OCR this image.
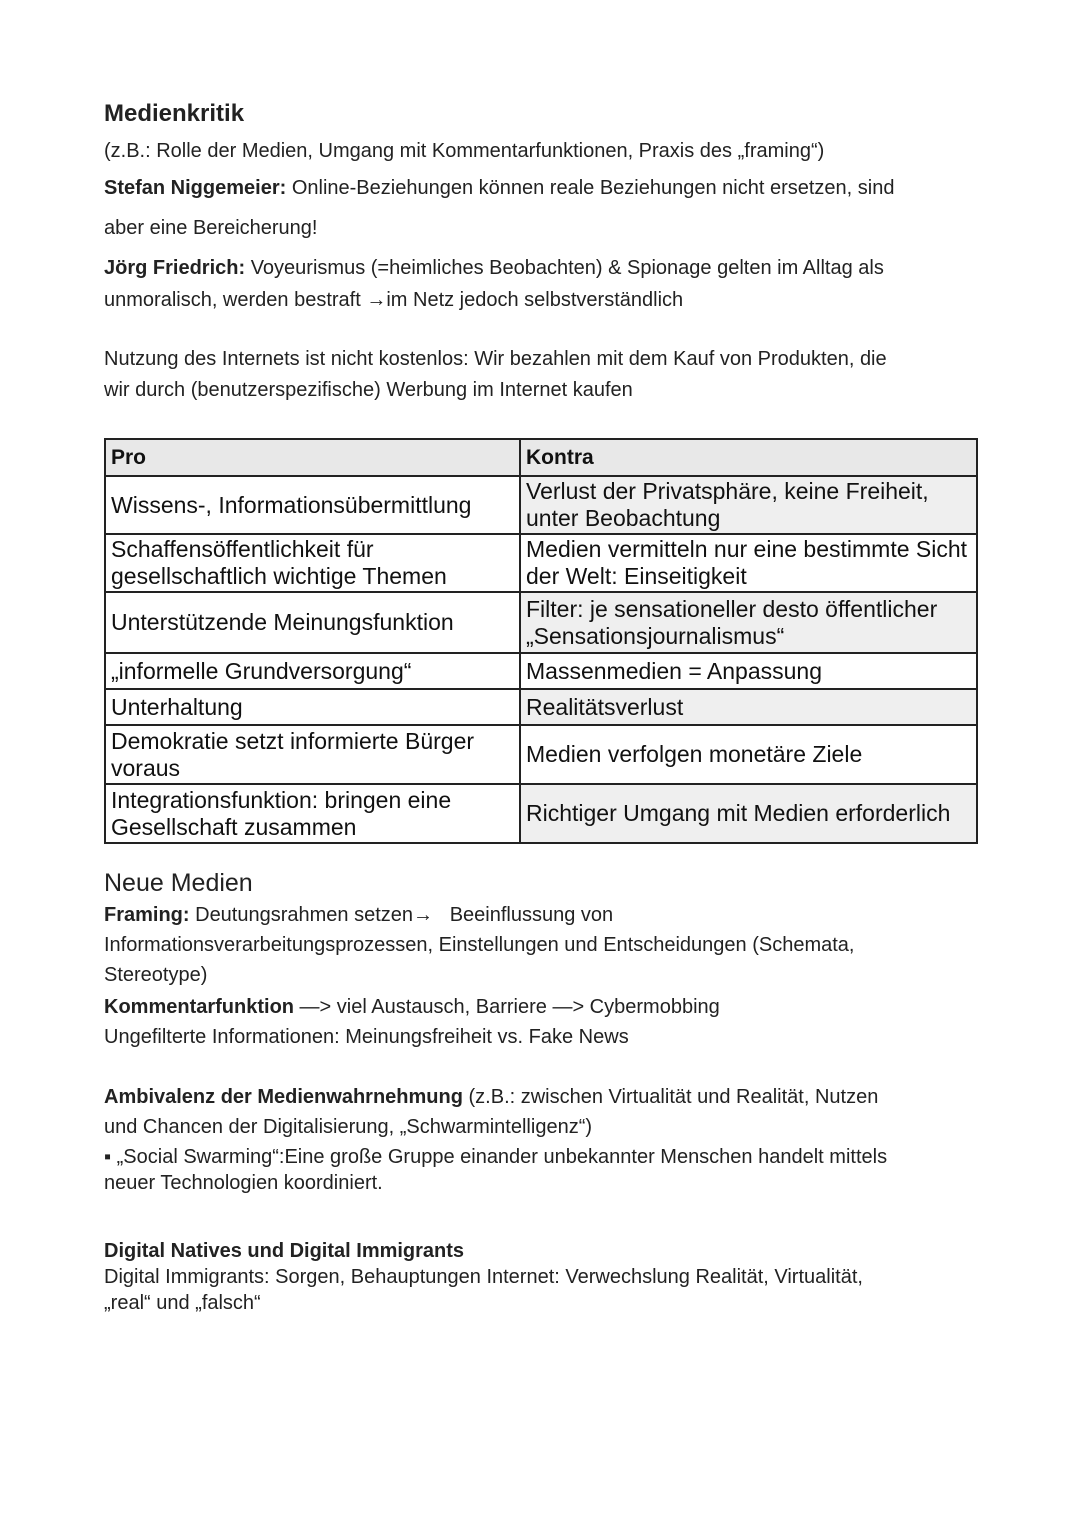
Medienkritik

(z.B.: Rolle der Medien, Umgang mit Kommentarfunktionen, Praxis des „framing“)

Stefan Niggemeier: Online-Beziehungen können reale Beziehungen nicht ersetzen, sind
aber eine Bereicherung!

Jörg Friedrich: Voyeurismus (=heimliches Beobachten) & Spionage gelten im Alltag als
unmoralisch, werden bestraft →im Netz jedoch selbstverständlich

Nutzung des Internets ist nicht kostenlos: Wir bezahlen mit dem Kauf von Produkten, die
wir durch (benutzerspezifische) Werbung im Internet kaufen

Pro	Kontra
Wissens-, Informationsübermittlung	Verlust der Privatsphäre, keine Freiheit, unter Beobachtung
Schaffensöffentlichkeit für gesellschaftlich wichtige Themen	Medien vermitteln nur eine bestimmte Sicht der Welt: Einseitigkeit
Unterstützende Meinungsfunktion	Filter: je sensationeller desto öffentlicher „Sensationsjournalismus“
„informelle Grundversorgung“	Massenmedien = Anpassung
Unterhaltung	Realitätsverlust
Demokratie setzt informierte Bürger voraus	Medien verfolgen monetäre Ziele
Integrationsfunktion: bringen eine Gesellschaft zusammen	Richtiger Umgang mit Medien erforderlich
Neue Medien

Framing: Deutungsrahmen setzen→   Beeinflussung von
Informationsverarbeitungsprozessen, Einstellungen und Entscheidungen (Schemata,
Stereotype)

Kommentarfunktion —> viel Austausch, Barriere —> Cybermobbing

Ungefilterte Informationen: Meinungsfreiheit vs. Fake News

Ambivalenz der Medienwahrnehmung (z.B.: zwischen Virtualität und Realität, Nutzen
und Chancen der Digitalisierung, „Schwarmintelligenz“)

▪ „Social Swarming“:Eine große Gruppe einander unbekannter Menschen handelt mittels
neuer Technologien koordiniert.

Digital Natives und Digital Immigrants
Digital Immigrants: Sorgen, Behauptungen Internet: Verwechslung Realität, Virtualität,
„real“ und „falsch“
